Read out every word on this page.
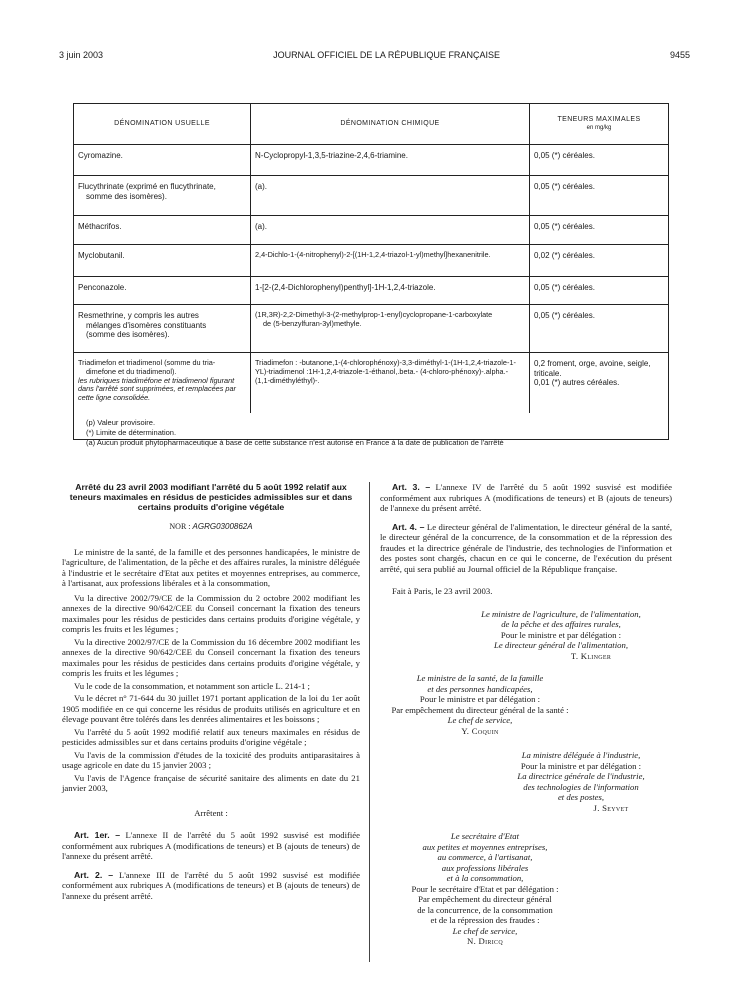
3 juin 2003	JOURNAL OFFICIEL DE LA RÉPUBLIQUE FRANÇAISE	9455
DÉNOMINATION USUELLE	DÉNOMINATION CHIMIQUE	TENEURS MAXIMALES
en mg/kg

Cyromazine.	N-Cyclopropyl-1,3,5-triazine-2,4,6-triamine.	0,05 (*) céréales.
Flucythrinate (exprimé en flucythrinate,
somme des isomères).	(a).	0,05 (*) céréales.
Méthacrifos.	(a).	0,05 (*) céréales.
Myclobutanil.	2,4-Dichlo-1-(4-nitrophenyl)-2-[(1H-1,2,4-triazol-1-yl)methyl]hexanenitrile.	0,02 (*) céréales.
Penconazole.	1-[2-(2,4-Dichlorophenyl)penthyl]-1H-1,2,4-triazole.	0,05 (*) céréales.
Resmethrine, y compris les autres
mélanges d'isomères constituants
(somme des isomères).	(1R,3R)-2,2-Dimethyl-3-(2-methylprop-1-enyl)cyclopropane-1-carboxylate
de (5-benzylfuran-3yl)methyle.	0,05 (*) céréales.
Triadimefon et triadimenol (somme du tria-
dimefone et du triadimenol).
les rubriques triadiméfone et triadimenol figurant dans l'arrêté sont supprimées, et remplacées par cette ligne consolidée.	Triadimefon : -butanone,1-(4-chlorophénoxy)-3,3-diméthyl-1-(1H-1,2,4-triazole-1-YL)-triadimenol :1H-1,2,4-triazole-1-éthanol,.beta.- (4-chloro-phénoxy)-.alpha.- (1,1-diméthyléthyl)-.	0,2 froment, orge, avoine, seigle, triticale.
0,01 (*) autres céréales.
(p) Valeur provisoire.
(*) Limite de détermination.
(a) Aucun produit phytopharmaceutique à base de cette substance n'est autorisé en France à la date de publication de l'arrêté
Arrêté du 23 avril 2003 modifiant l'arrêté du 5 août 1992 relatif aux teneurs maximales en résidus de pesticides admissibles sur et dans certains produits d'origine végétale
NOR : AGRG0300862A

Le ministre de la santé, de la famille et des personnes handicapées, le ministre de l'agriculture, de l'alimentation, de la pêche et des affaires rurales, la ministre déléguée à l'industrie et le secrétaire d'Etat aux petites et moyennes entreprises, au commerce, à l'artisanat, aux professions libérales et à la consommation,

Vu la directive 2002/79/CE de la Commission du 2 octobre 2002 modifiant les annexes de la directive 90/642/CEE du Conseil concernant la fixation des teneurs maximales pour les résidus de pesticides dans certains produits d'origine végétale, y compris les fruits et les légumes ;

Vu la directive 2002/97/CE de la Commission du 16 décembre 2002 modifiant les annexes de la directive 90/642/CEE du Conseil concernant la fixation des teneurs maximales pour les résidus de pesticides dans certains produits d'origine végétale, y compris les fruits et les légumes ;

Vu le code de la consommation, et notamment son article L. 214-1 ;

Vu le décret n° 71-644 du 30 juillet 1971 portant application de la loi du 1er août 1905 modifiée en ce qui concerne les résidus de produits utilisés en agriculture et en élevage pouvant être tolérés dans les denrées alimentaires et les boissons ;

Vu l'arrêté du 5 août 1992 modifié relatif aux teneurs maximales en résidus de pesticides admissibles sur et dans certains produits d'origine végétale ;

Vu l'avis de la commission d'études de la toxicité des produits antiparasitaires à usage agricole en date du 15 janvier 2003 ;

Vu l'avis de l'Agence française de sécurité sanitaire des aliments en date du 21 janvier 2003,

Arrêtent :

Art. 1er. – L'annexe II de l'arrêté du 5 août 1992 susvisé est modifiée conformément aux rubriques A (modifications de teneurs) et B (ajouts de teneurs) de l'annexe du présent arrêté.

Art. 2. – L'annexe III de l'arrêté du 5 août 1992 susvisé est modifiée conformément aux rubriques A (modifications de teneurs) et B (ajouts de teneurs) de l'annexe du présent arrêté.

Art. 3. – L'annexe IV de l'arrêté du 5 août 1992 susvisé est modifiée conformément aux rubriques A (modifications de teneurs) et B (ajouts de teneurs) de l'annexe du présent arrêté.

Art. 4. – Le directeur général de l'alimentation, le directeur général de la santé, le directeur général de la concurrence, de la consommation et de la répression des fraudes et la directrice générale de l'industrie, des technologies de l'information et des postes sont chargés, chacun en ce qui le concerne, de l'exécution du présent arrêté, qui sera publié au Journal officiel de la République française.

Fait à Paris, le 23 avril 2003.

Le ministre de l'agriculture, de l'alimentation,
de la pêche et des affaires rurales,
Pour le ministre et par délégation :
Le directeur général de l'alimentation,
T. Klinger
Le ministre de la santé, de la famille
et des personnes handicapées,
Pour le ministre et par délégation :
Par empêchement du directeur général de la santé :
Le chef de service,
Y. Coquin
La ministre déléguée à l'industrie,
Pour la ministre et par délégation :
La directrice générale de l'industrie,
des technologies de l'information
et des postes,
J. Seyvet
Le secrétaire d'Etat
aux petites et moyennes entreprises,
au commerce, à l'artisanat,
aux professions libérales
et à la consommation,
Pour le secrétaire d'Etat et par délégation :
Par empêchement du directeur général
de la concurrence, de la consommation
et de la répression des fraudes :
Le chef de service,
N. Diricq
